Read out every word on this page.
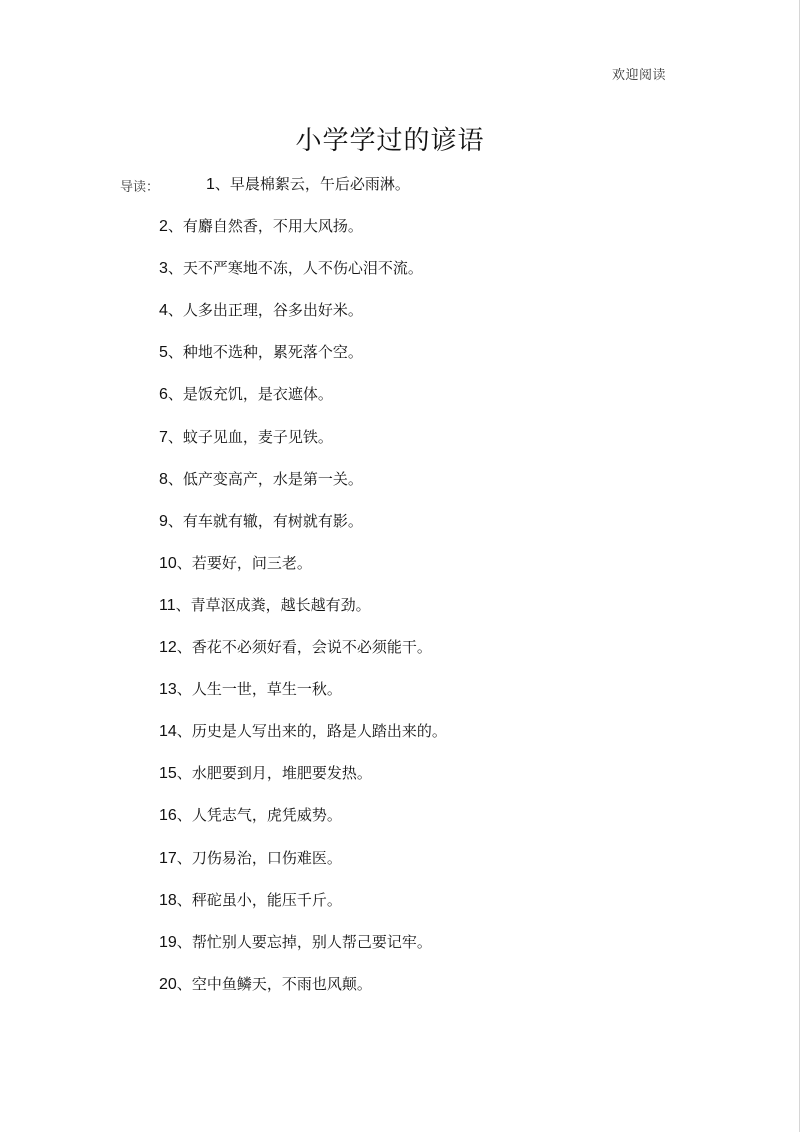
欢迎阅读
小学学过的谚语
导读：	1、早晨棉絮云，午后必雨淋。
2、有麝自然香，不用大风扬。
3、天不严寒地不冻，人不伤心泪不流。
4、人多出正理，谷多出好米。
5、种地不选种，累死落个空。
6、是饭充饥，是衣遮体。
7、蚊子见血，麦子见铁。
8、低产变高产，水是第一关。
9、有车就有辙，有树就有影。
10、若要好，问三老。
11、青草沤成粪，越长越有劲。
12、香花不必须好看，会说不必须能干。
13、人生一世，草生一秋。
14、历史是人写出来的，路是人踏出来的。
15、水肥要到月，堆肥要发热。
16、人凭志气，虎凭威势。
17、刀伤易治，口伤难医。
18、秤砣虽小，能压千斤。
19、帮忙别人要忘掉，别人帮己要记牢。
20、空中鱼鳞天，不雨也风颠。
